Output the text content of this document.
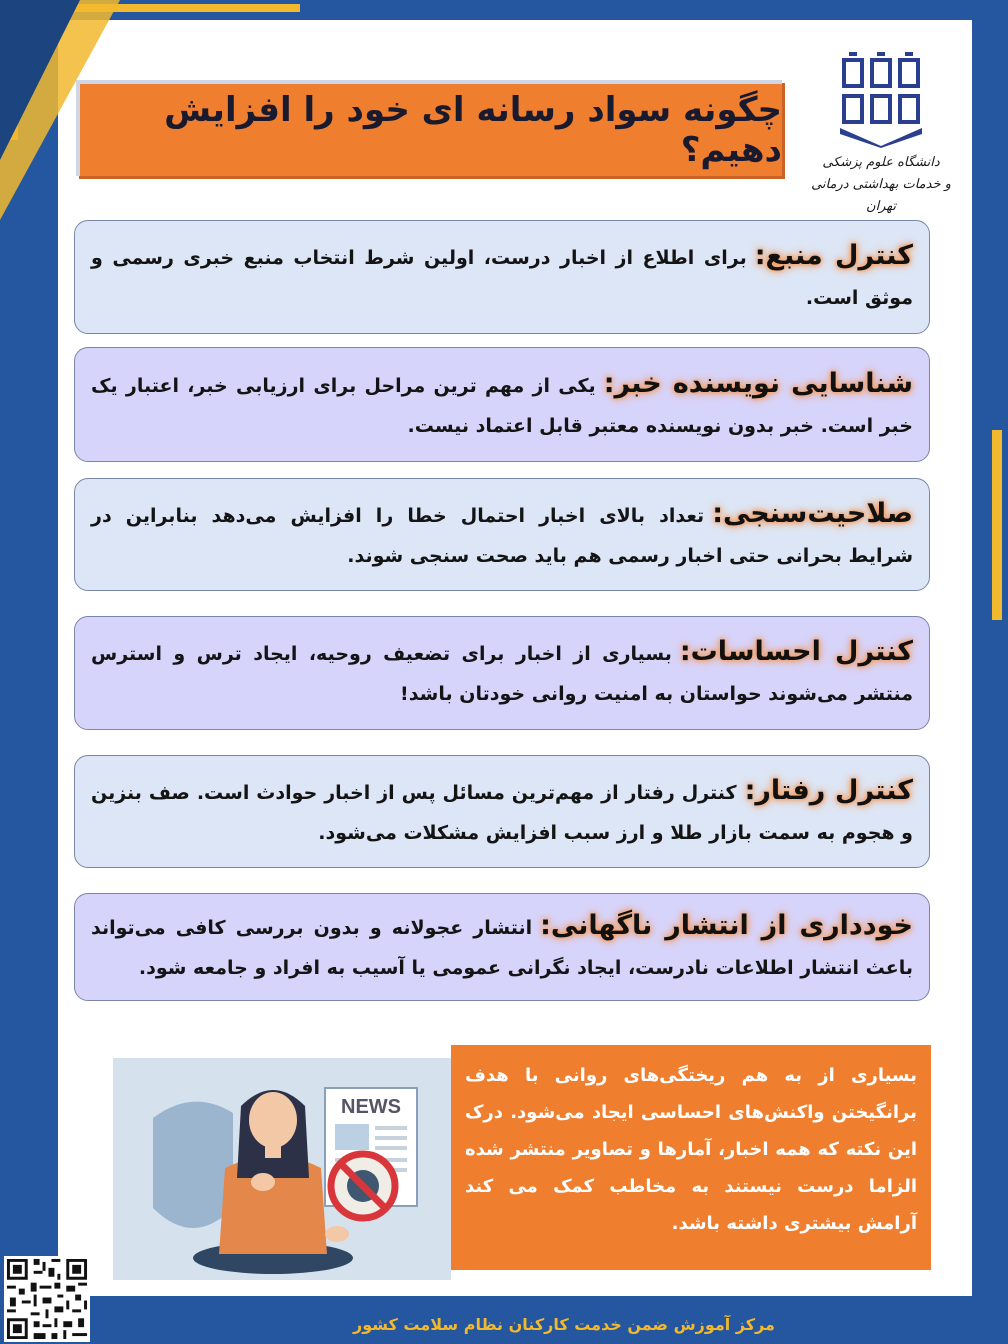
چگونه سواد رسانه ای خود را افزایش دهیم؟	دانشگاه علوم پزشکی
و خدمات بهداشتی درمانی تهران

کنترل منبع:برای اطلاع از اخبار درست، اولین شرط انتخاب منبع خبری رسمی و موثق است.

شناسایی نویسنده خبر:یکی از مهم ترین مراحل برای ارزیابی خبر، اعتبار یک خبر است. خبر بدون نویسنده معتبر قابل اعتماد نیست.

صلاحیت‌سنجی:تعداد بالای اخبار احتمال خطا را افزایش می‌دهد بنابراین در شرایط بحرانی حتی اخبار رسمی هم باید صحت سنجی شوند.

کنترل احساسات:بسیاری از اخبار برای تضعیف روحیه، ایجاد ترس و استرس منتشر می‌شوند حواستان به امنیت روانی خودتان باشد!

کنترل رفتار:کنترل رفتار از مهم‌ترین مسائل پس از اخبار حوادث است. صف بنزین و هجوم به سمت بازار طلا و ارز سبب افزایش مشکلات می‌شود.

خودداری از انتشار ناگهانی:انتشار عجولانه و بدون بررسی کافی می‌تواند باعث انتشار اطلاعات نادرست، ایجاد نگرانی عمومی یا آسیب به افراد و جامعه شود.

NEWS

بسیاری از به هم ریختگی‌های روانی با هدف برانگیختن واکنش‌های احساسی ایجاد می‌شود. درک این نکته که همه اخبار، آمارها و تصاویر منتشر شده الزاما درست نیستند به مخاطب کمک می کند آرامش بیشتری داشته باشد.

مرکز آموزش ضمن خدمت کارکنان نظام سلامت کشور
